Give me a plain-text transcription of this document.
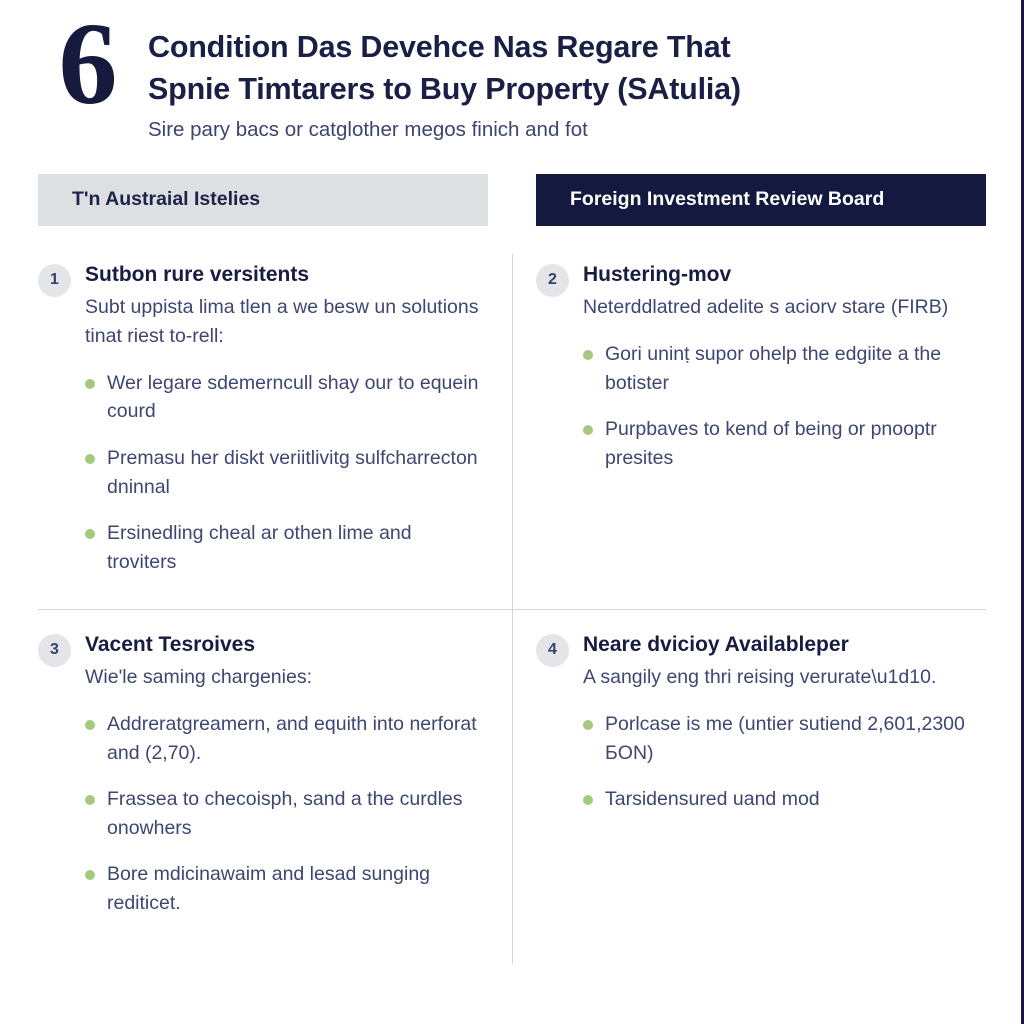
6	Condition Das Devehce Nas Regare That
Spnie Timtarers to Buy Property (SAtulia)
Sire pary bacs or catglother megos finich and fot
T'n Austraial Istelies	Foreign Investment Review Board
1	Sutbon rure versitents
Subt uppista lima tlen a we besw un solutions tinat riest to-rell:
Wer legare sdemerncull shay our to equein courd
Premasu her diskt veriitlivitg sulfcharrecton dninnal
Ersinedling cheal ar othen lime and troviters
2	Hustering-mov
Neterddlatred adelite s aciorv stare (FIRB)
Gori uninṭ supor ohelp the edgiite a the botister
Purpbaves to kend of being or pnooptr presites
3	Vacent Tesroives
Wie'le saming chargenies:
Addreratgreamern, and equith into nerforat and (2,70).
Frassea to checoisph, sand a the curdles onowhers
Bore mdicinawaim and lesad sunging rediticet.
4	Neare dvicioy Availableper
A sangily eng thri reising verurate\u1d10.
Porlcase is me (untier sutiend 2,601,2300 БON)
Tarsidensured uand mod
